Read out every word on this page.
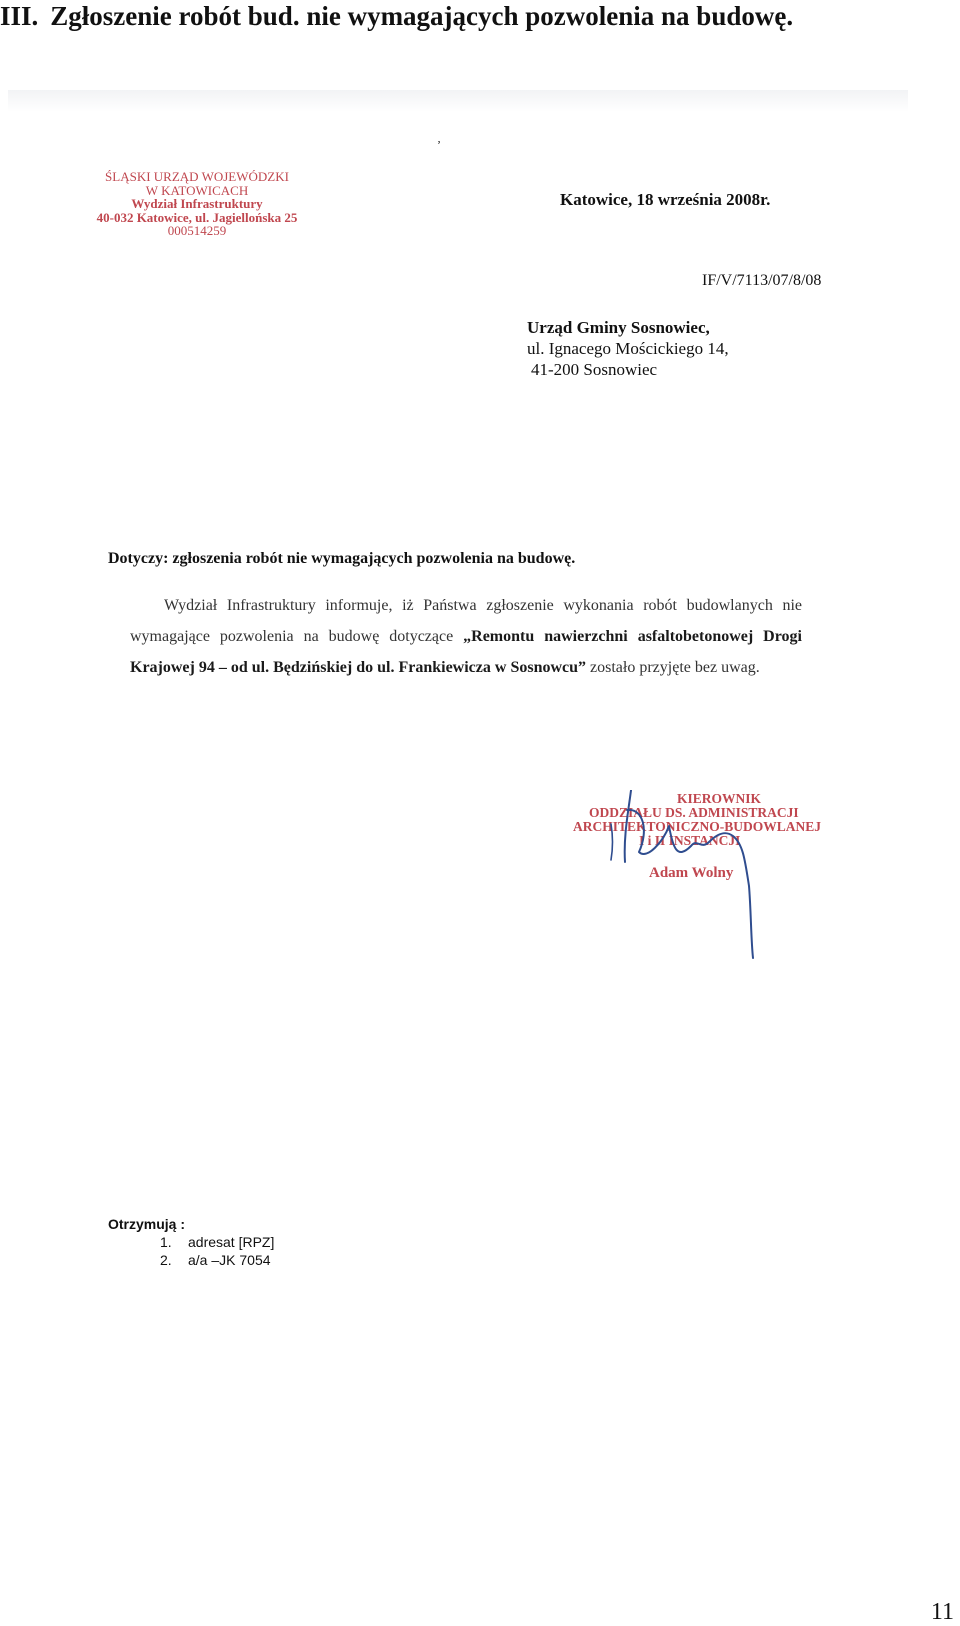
III. Zgłoszenie robót bud. nie wymagających pozwolenia na budowę.
ʼ
ŚLĄSKI URZĄD WOJEWÓDZKI
W KATOWICACH
Wydział Infrastruktury
40-032 Katowice, ul. Jagiellońska 25
000514259
Katowice, 18 września 2008r.
IF/V/7113/07/8/08
Urząd Gminy Sosnowiec,
ul. Ignacego Mościckiego 14,
41-200 Sosnowiec
Dotyczy: zgłoszenia robót nie wymagających pozwolenia na budowę.

Wydział Infrastruktury informuje, iż Państwa zgłoszenie wykonania robót budowlanych nie wymagające pozwolenia na budowę dotyczące „Remontu nawierzchni asfaltobetonowej Drogi Krajowej 94 – od ul. Będzińskiej do ul. Frankiewicza w Sosnowcu” zostało przyjęte bez uwag.

KIEROWNIK
ODDZIAŁU DS. ADMINISTRACJI
ARCHITEKTONICZNO-BUDOWLANEJ
I i II INSTANCJI
Adam Wolny
Otrzymują :
1. adresat [RPZ]
2. a/a –JK 7054
11
